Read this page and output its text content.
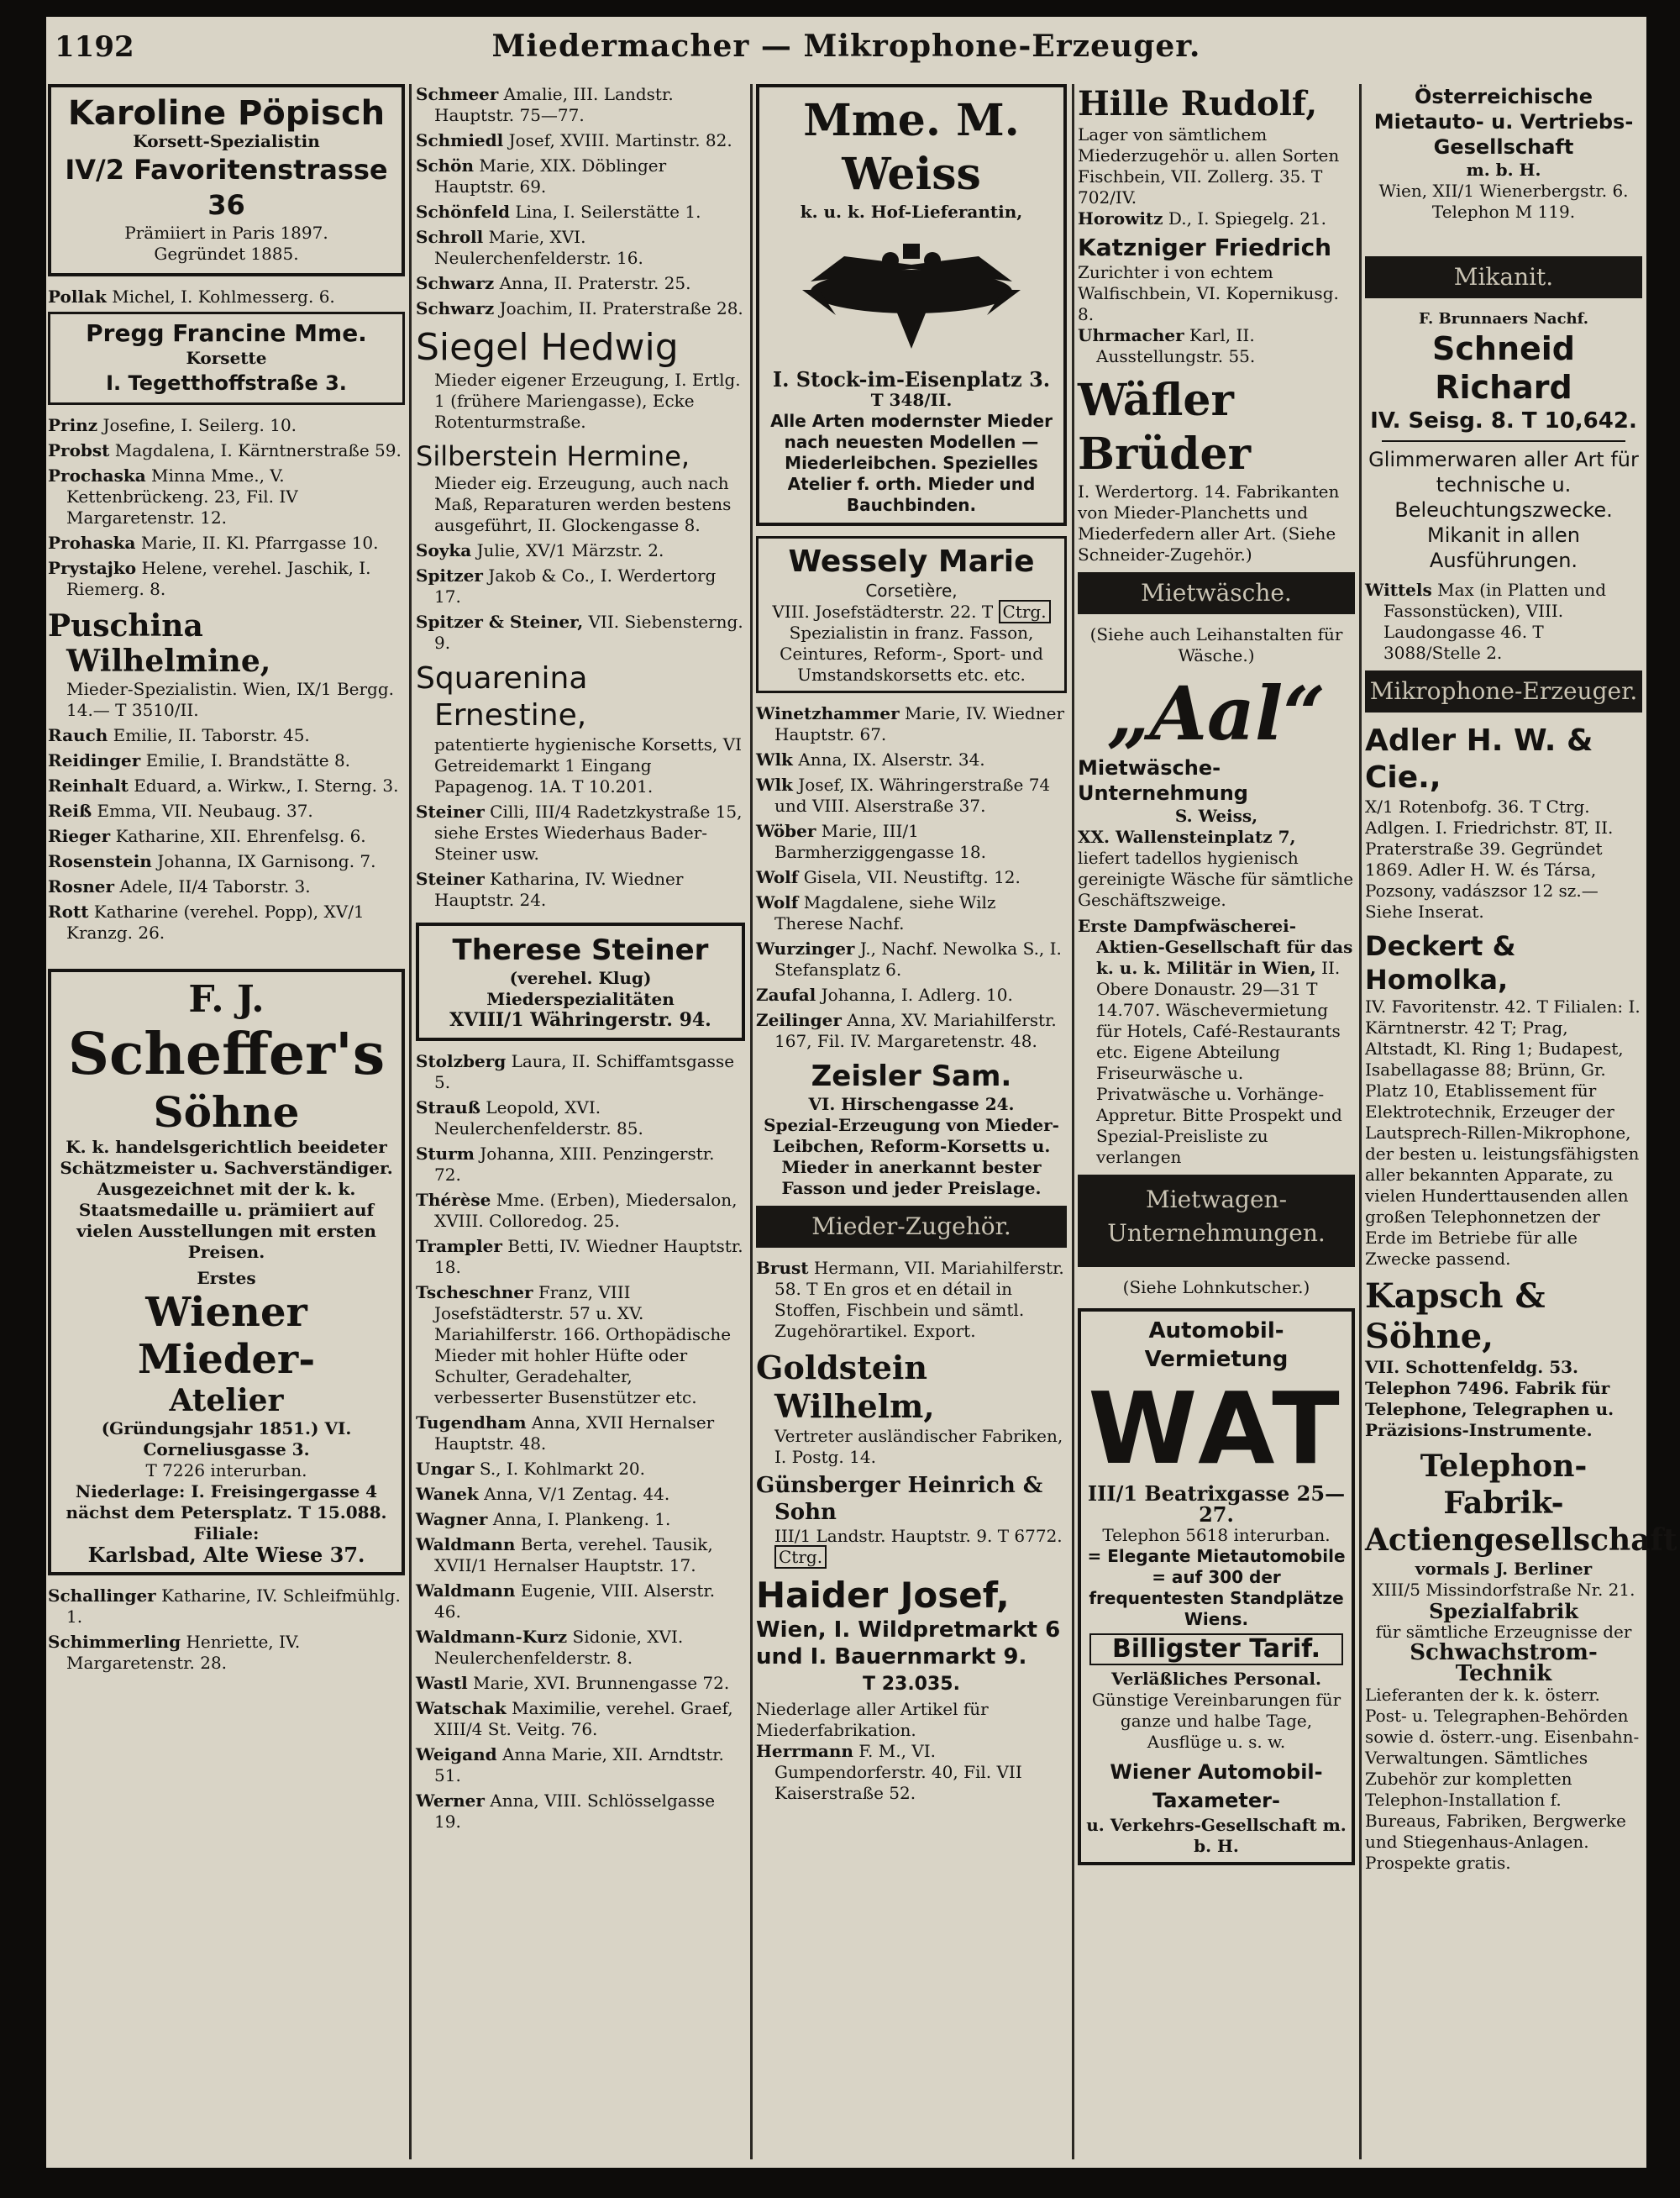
1192	Miedermacher — Mikrophone-Erzeuger.
Karoline Pöpisch
Korsett-Spezialistin
IV/2 Favoritenstrasse 36
Prämiiert in Paris 1897.
Gegründet 1885.
Pollak Michel, I. Kohlmesserg. 6.
Pregg Francine Mme.
Korsette
I. Tegetthoffstraße 3.
Prinz Josefine, I. Seilerg. 10.
Probst Magdalena, I. Kärntnerstraße 59.
Prochaska Minna Mme., V. Kettenbrückeng. 23, Fil. IV Margaretenstr. 12.
Prohaska Marie, II. Kl. Pfarrgasse 10.
Prystajko Helene, verehel. Jaschik, I. Riemerg. 8.
Puschina Wilhelmine,
Mieder-Spezialistin. Wien, IX/1 Bergg. 14.— T 3510/II.
Rauch Emilie, II. Taborstr. 45.
Reidinger Emilie, I. Brandstätte 8.
Reinhalt Eduard, a. Wirkw., I. Sterng. 3.
Reiß Emma, VII. Neubaug. 37.
Rieger Katharine, XII. Ehrenfelsg. 6.
Rosenstein Johanna, IX Garnisong. 7.
Rosner Adele, II/4 Taborstr. 3.
Rott Katharine (verehel. Popp), XV/1 Kranzg. 26.
F. J.
Scheffer's
Söhne
K. k. handelsgerichtlich beeideter Schätzmeister u. Sachverständiger. Ausgezeichnet mit der k. k. Staatsmedaille u. prämiiert auf vielen Ausstellungen mit ersten Preisen.
Erstes
Wiener Mieder-
Atelier
(Gründungsjahr 1851.) VI. Corneliusgasse 3.
T 7226 interurban.
Niederlage: I. Freisingergasse 4 nächst dem Petersplatz. T 15.088.
Filiale:
Karlsbad, Alte Wiese 37.
Schallinger Katharine, IV. Schleifmühlg. 1.
Schimmerling Henriette, IV. Margaretenstr. 28.
Schmeer Amalie, III. Landstr. Hauptstr. 75—77.
Schmiedl Josef, XVIII. Martinstr. 82.
Schön Marie, XIX. Döblinger Hauptstr. 69.
Schönfeld Lina, I. Seilerstätte 1.
Schroll Marie, XVI. Neulerchenfelderstr. 16.
Schwarz Anna, II. Praterstr. 25.
Schwarz Joachim, II. Praterstraße 28.
Siegel Hedwig
Mieder eigener Erzeugung, I. Ertlg. 1 (frühere Mariengasse), Ecke Rotenturmstraße.
Silberstein Hermine,
Mieder eig. Erzeugung, auch nach Maß, Reparaturen werden bestens ausgeführt, II. Glockengasse 8.
Soyka Julie, XV/1 Märzstr. 2.
Spitzer Jakob & Co., I. Werdertorg 17.
Spitzer & Steiner, VII. Siebensterng. 9.
Squarenina Ernestine,
patentierte hygienische Korsetts, VI Getreidemarkt 1 Eingang Papagenog. 1A. T 10.201.
Steiner Cilli, III/4 Radetzkystraße 15, siehe Erstes Wiederhaus Bader-Steiner usw.
Steiner Katharina, IV. Wiedner Hauptstr. 24.
Therese Steiner
(verehel. Klug)
Miederspezialitäten
XVIII/1 Währingerstr. 94.
Stolzberg Laura, II. Schiffamtsgasse 5.
Strauß Leopold, XVI. Neulerchenfelderstr. 85.
Sturm Johanna, XIII. Penzingerstr. 72.
Thérèse Mme. (Erben), Miedersalon, XVIII. Colloredog. 25.
Trampler Betti, IV. Wiedner Hauptstr. 18.
Tscheschner Franz, VIII Josefstädterstr. 57 u. XV. Mariahilferstr. 166. Orthopädische Mieder mit hohler Hüfte oder Schulter, Geradehalter, verbesserter Busenstützer etc.
Tugendham Anna, XVII Hernalser Hauptstr. 48.
Ungar S., I. Kohlmarkt 20.
Wanek Anna, V/1 Zentag. 44.
Wagner Anna, I. Plankeng. 1.
Waldmann Berta, verehel. Tausik, XVII/1 Hernalser Hauptstr. 17.
Waldmann Eugenie, VIII. Alserstr. 46.
Waldmann-Kurz Sidonie, XVI. Neulerchenfelderstr. 8.
Wastl Marie, XVI. Brunnengasse 72.
Watschak Maximilie, verehel. Graef, XIII/4 St. Veitg. 76.
Weigand Anna Marie, XII. Arndtstr. 51.
Werner Anna, VIII. Schlösselgasse 19.
Mme. M. Weiss
k. u. k. Hof-Lieferantin,
I. Stock-im-Eisenplatz 3.
T 348/II.
Alle Arten modernster Mieder nach neuesten Modellen — Miederleibchen. Spezielles Atelier f. orth. Mieder und Bauchbinden.
Wessely Marie
Corsetière,
VIII. Josefstädterstr. 22. T Ctrg.
Spezialistin in franz. Fasson, Ceintures, Reform-, Sport- und Umstandskorsetts etc. etc.
Winetzhammer Marie, IV. Wiedner Hauptstr. 67.
Wlk Anna, IX. Alserstr. 34.
Wlk Josef, IX. Währingerstraße 74 und VIII. Alserstraße 37.
Wöber Marie, III/1 Barmherziggengasse 18.
Wolf Gisela, VII. Neustiftg. 12.
Wolf Magdalene, siehe Wilz Therese Nachf.
Wurzinger J., Nachf. Newolka S., I. Stefansplatz 6.
Zaufal Johanna, I. Adlerg. 10.
Zeilinger Anna, XV. Mariahilferstr. 167, Fil. IV. Margaretenstr. 48.
Zeisler Sam.
VI. Hirschengasse 24.
Spezial-Erzeugung von Mieder-Leibchen, Reform-Korsetts u. Mieder in anerkannt bester Fasson und jeder Preislage.
Mieder-Zugehör.
Brust Hermann, VII. Mariahilferstr. 58. T En gros et en détail in Stoffen, Fischbein und sämtl. Zugehörartikel. Export.
Goldstein Wilhelm,
Vertreter ausländischer Fabriken, I. Postg. 14.
Günsberger Heinrich & Sohn
III/1 Landstr. Hauptstr. 9. T 6772. Ctrg.
Haider Josef,
Wien, I. Wildpretmarkt 6
und I. Bauernmarkt 9.
T 23.035.
Niederlage aller Artikel für Miederfabrikation.
Herrmann F. M., VI. Gumpendorferstr. 40, Fil. VII Kaiserstraße 52.
Hille Rudolf,
Lager von sämtlichem Miederzugehör u. allen Sorten Fischbein, VII. Zollerg. 35. T 702/IV.
Horowitz D., I. Spiegelg. 21.
Katzniger Friedrich
Zurichter i von echtem Walfischbein, VI. Kopernikusg. 8.
Uhrmacher Karl, II. Ausstellungstr. 55.
Wäfler Brüder
I. Werdertorg. 14. Fabrikanten von Mieder-Planchetts und Miederfedern aller Art. (Siehe Schneider-Zugehör.)
Mietwäsche.
(Siehe auch Leihanstalten für Wäsche.)
„Aal“
Mietwäsche-Unternehmung
S. Weiss,
XX. Wallensteinplatz 7,
liefert tadellos hygienisch gereinigte Wäsche für sämtliche Geschäftszweige.
Erste Dampfwäscherei-Aktien-Gesellschaft für das k. u. k. Militär in Wien, II. Obere Donaustr. 29—31 T 14.707. Wäschevermietung für Hotels, Café-Restaurants etc. Eigene Abteilung Friseurwäsche u. Privatwäsche u. Vorhänge-Appretur. Bitte Prospekt und Spezial-Preisliste zu verlangen
Mietwagen-Unternehmungen.
(Siehe Lohnkutscher.)
Automobil-Vermietung
WAT
III/1 Beatrixgasse 25—27.
Telephon 5618 interurban.
= Elegante Mietautomobile = auf 300 der frequentesten Standplätze Wiens.
Billigster Tarif.
Verläßliches Personal.
Günstige Vereinbarungen für ganze und halbe Tage, Ausflüge u. s. w.
Wiener Automobil-Taxameter-
u. Verkehrs-Gesellschaft m. b. H.
Österreichische Mietauto- u. Vertriebs-Gesellschaft
m. b. H.
Wien, XII/1 Wienerbergstr. 6.
Telephon M 119.
Mikanit.
F. Brunnaers Nachf.
Schneid Richard
IV. Seisg. 8. T 10,642.
Glimmerwaren aller Art für technische u. Beleuchtungszwecke. Mikanit in allen Ausführungen.
Wittels Max (in Platten und Fassonstücken), VIII. Laudongasse 46. T 3088/Stelle 2.
Mikrophone-Erzeuger.
Adler H. W. & Cie.,
X/1 Rotenbofg. 36. T Ctrg. Adlgen. I. Friedrichstr. 8T, II. Praterstraße 39. Gegründet 1869. Adler H. W. és Társa, Pozsony, vadászsor 12 sz.— Siehe Inserat.
Deckert & Homolka,
IV. Favoritenstr. 42. T Filialen: I. Kärntnerstr. 42 T; Prag, Altstadt, Kl. Ring 1; Budapest, Isabellagasse 88; Brünn, Gr. Platz 10, Etablissement für Elektrotechnik, Erzeuger der Lautsprech-Rillen-Mikrophone, der besten u. leistungsfähigsten aller bekannten Apparate, zu vielen Hunderttausenden allen großen Telephonnetzen der Erde im Betriebe für alle Zwecke passend.
Kapsch & Söhne,
VII. Schottenfeldg. 53. Telephon 7496. Fabrik für Telephone, Telegraphen u. Präzisions-Instrumente.
Telephon-Fabrik-Actiengesellschaft
vormals J. Berliner
XIII/5 Missindorfstraße Nr. 21.
Spezialfabrik
für sämtliche Erzeugnisse der
Schwachstrom-Technik
Lieferanten der k. k. österr. Post- u. Telegraphen-Behörden sowie d. österr.-ung. Eisenbahn-Verwaltungen. Sämtliches Zubehör zur kompletten Telephon-Installation f. Bureaus, Fabriken, Bergwerke und Stiegenhaus-Anlagen. Prospekte gratis.
